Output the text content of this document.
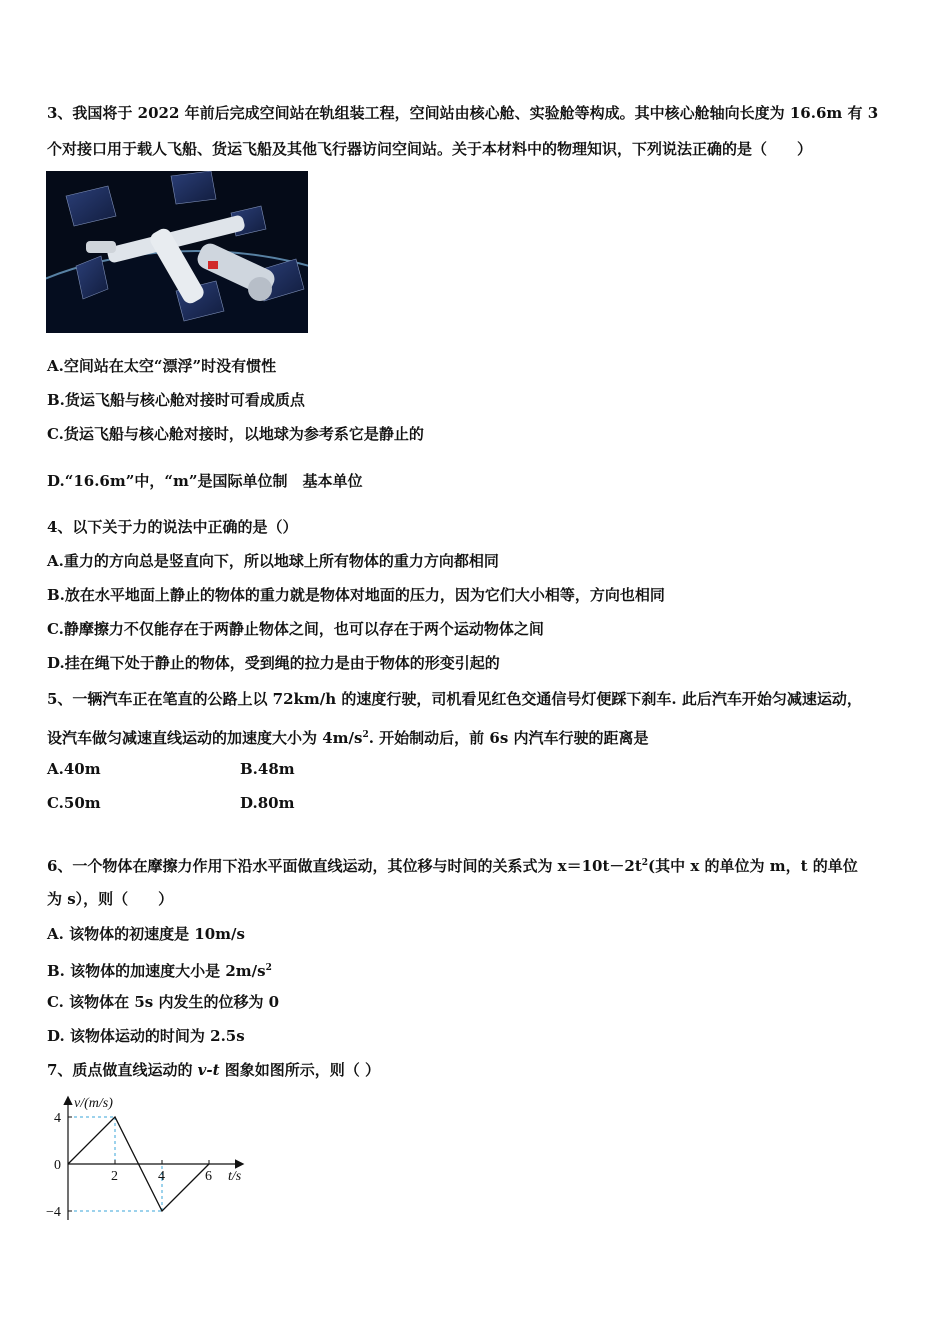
3、我国将于 2022 年前后完成空间站在轨组装工程，空间站由核心舱、实验舱等构成。其中核心舱轴向长度为 16.6m 有 3
个对接口用于载人飞船、货运飞船及其他飞行器访问空间站。关于本材料中的物理知识，下列说法正确的是（　　）
A.空间站在太空“漂浮”时没有惯性
B.货运飞船与核心舱对接时可看成质点
C.货运飞船与核心舱对接时，以地球为参考系它是静止的
D.“16.6m”中，“m”是国际单位制　基本单位
4、以下关于力的说法中正确的是（）
A.重力的方向总是竖直向下，所以地球上所有物体的重力方向都相同
B.放在水平地面上静止的物体的重力就是物体对地面的压力，因为它们大小相等，方向也相同
C.静摩擦力不仅能存在于两静止物体之间，也可以存在于两个运动物体之间
D.挂在绳下处于静止的物体，受到绳的拉力是由于物体的形变引起的
5、一辆汽车正在笔直的公路上以 72km/h 的速度行驶，司机看见红色交通信号灯便踩下刹车. 此后汽车开始匀减速运动，
设汽车做匀减速直线运动的加速度大小为 $4m/s^2$. 开始制动后，前 6s 内汽车行驶的距离是
A.40m	B.48m
C.50m	D.80m
6、一个物体在摩擦力作用下沿水平面做直线运动，其位移与时间的关系式为 $x=10t-2t^2$(其中 x 的单位为 m，t 的单位
为 s），则（　　）
A. 该物体的初速度是 10m/s
B. 该物体的加速度大小是 $2m/s^2$
C. 该物体在 5s 内发生的位移为 0
D. 该物体运动的时间为 2.5s
7、质点做直线运动的 v-t 图象如图所示，则（ ）
v/(m/s)
t/s
2	4	6
4
0
−4
